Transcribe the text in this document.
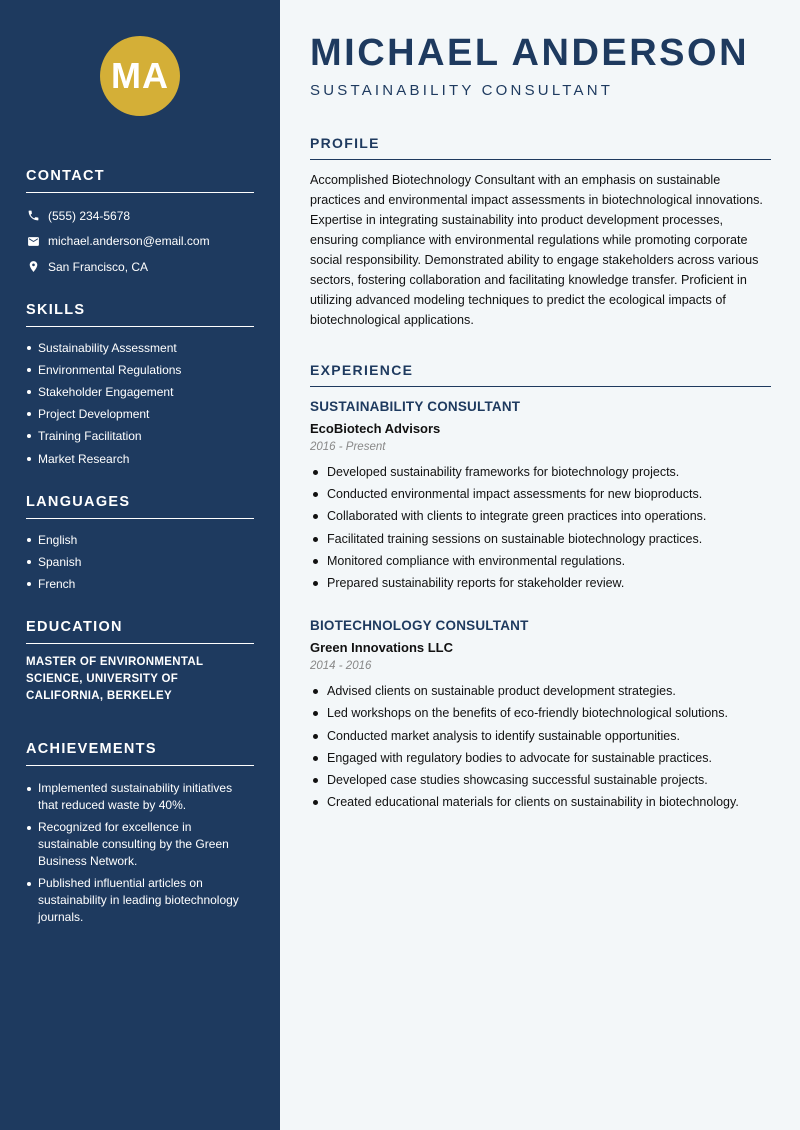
MA
CONTACT
(555) 234-5678
michael.anderson@email.com
San Francisco, CA
SKILLS
Sustainability Assessment
Environmental Regulations
Stakeholder Engagement
Project Development
Training Facilitation
Market Research
LANGUAGES
English
Spanish
French
EDUCATION
MASTER OF ENVIRONMENTAL SCIENCE, UNIVERSITY OF CALIFORNIA, BERKELEY
ACHIEVEMENTS
Implemented sustainability initiatives that reduced waste by 40%.
Recognized for excellence in sustainable consulting by the Green Business Network.
Published influential articles on sustainability in leading biotechnology journals.
MICHAEL ANDERSON
SUSTAINABILITY CONSULTANT
PROFILE

Accomplished Biotechnology Consultant with an emphasis on sustainable practices and environmental impact assessments in biotechnological innovations. Expertise in integrating sustainability into product development processes, ensuring compliance with environmental regulations while promoting corporate social responsibility. Demonstrated ability to engage stakeholders across various sectors, fostering collaboration and facilitating knowledge transfer. Proficient in utilizing advanced modeling techniques to predict the ecological impacts of biotechnological applications.

EXPERIENCE
SUSTAINABILITY CONSULTANT
EcoBiotech Advisors
2016 - Present
Developed sustainability frameworks for biotechnology projects.
Conducted environmental impact assessments for new bioproducts.
Collaborated with clients to integrate green practices into operations.
Facilitated training sessions on sustainable biotechnology practices.
Monitored compliance with environmental regulations.
Prepared sustainability reports for stakeholder review.
BIOTECHNOLOGY CONSULTANT
Green Innovations LLC
2014 - 2016
Advised clients on sustainable product development strategies.
Led workshops on the benefits of eco-friendly biotechnological solutions.
Conducted market analysis to identify sustainable opportunities.
Engaged with regulatory bodies to advocate for sustainable practices.
Developed case studies showcasing successful sustainable projects.
Created educational materials for clients on sustainability in biotechnology.
